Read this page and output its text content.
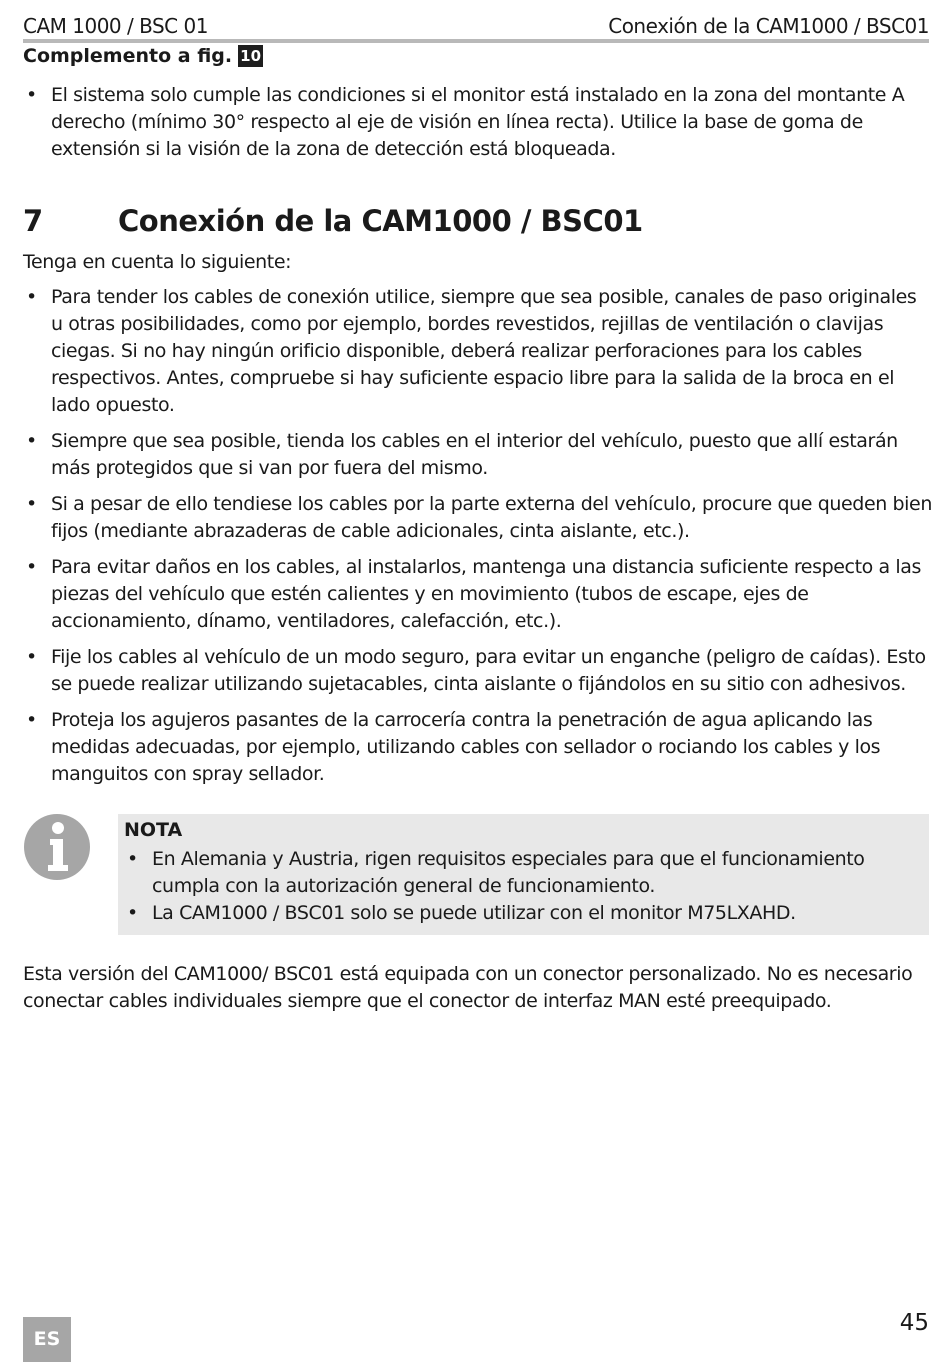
CAM 1000 / BSC 01	Conexión de la CAM1000 / BSC01
Complemento a fig. 10
• El sistema solo cumple las condiciones si el monitor está instalado en la zona del montante A derecho (mínimo 30° respecto al eje de visión en línea recta). Utilice la base de goma de extensión si la visión de la zona de detección está bloqueada.
7	Conexión de la CAM1000 / BSC01
Tenga en cuenta lo siguiente:
• Para tender los cables de conexión utilice, siempre que sea posible, canales de paso originales u otras posibilidades, como por ejemplo, bordes revestidos, rejillas de ventilación o clavijas ciegas. Si no hay ningún orificio disponible, deberá realizar perforaciones para los cables respectivos. Antes, compruebe si hay suficiente espacio libre para la salida de la broca en el lado opuesto.
• Siempre que sea posible, tienda los cables en el interior del vehículo, puesto que allí estarán más protegidos que si van por fuera del mismo.
• Si a pesar de ello tendiese los cables por la parte externa del vehículo, procure que queden bien fijos (mediante abrazaderas de cable adicionales, cinta aislante, etc.).
• Para evitar daños en los cables, al instalarlos, mantenga una distancia suficiente respecto a las piezas del vehículo que estén calientes y en movimiento (tubos de escape, ejes de accionamiento, dínamo, ventiladores, calefacción, etc.).
• Fije los cables al vehículo de un modo seguro, para evitar un enganche (peligro de caídas). Esto se puede realizar utilizando sujetacables, cinta aislante o fijándolos en su sitio con adhesivos.
• Proteja los agujeros pasantes de la carrocería contra la penetración de agua aplicando las medidas adecuadas, por ejemplo, utilizando cables con sellador o rociando los cables y los manguitos con spray sellador.
NOTA
• En Alemania y Austria, rigen requisitos especiales para que el funcionamiento cumpla con la autorización general de funcionamiento.
• La CAM1000 / BSC01 solo se puede utilizar con el monitor M75LXAHD.
Esta versión del CAM1000/ BSC01 está equipada con un conector personalizado. No es necesario conectar cables individuales siempre que el conector de interfaz MAN esté preequipado.
ES
45
